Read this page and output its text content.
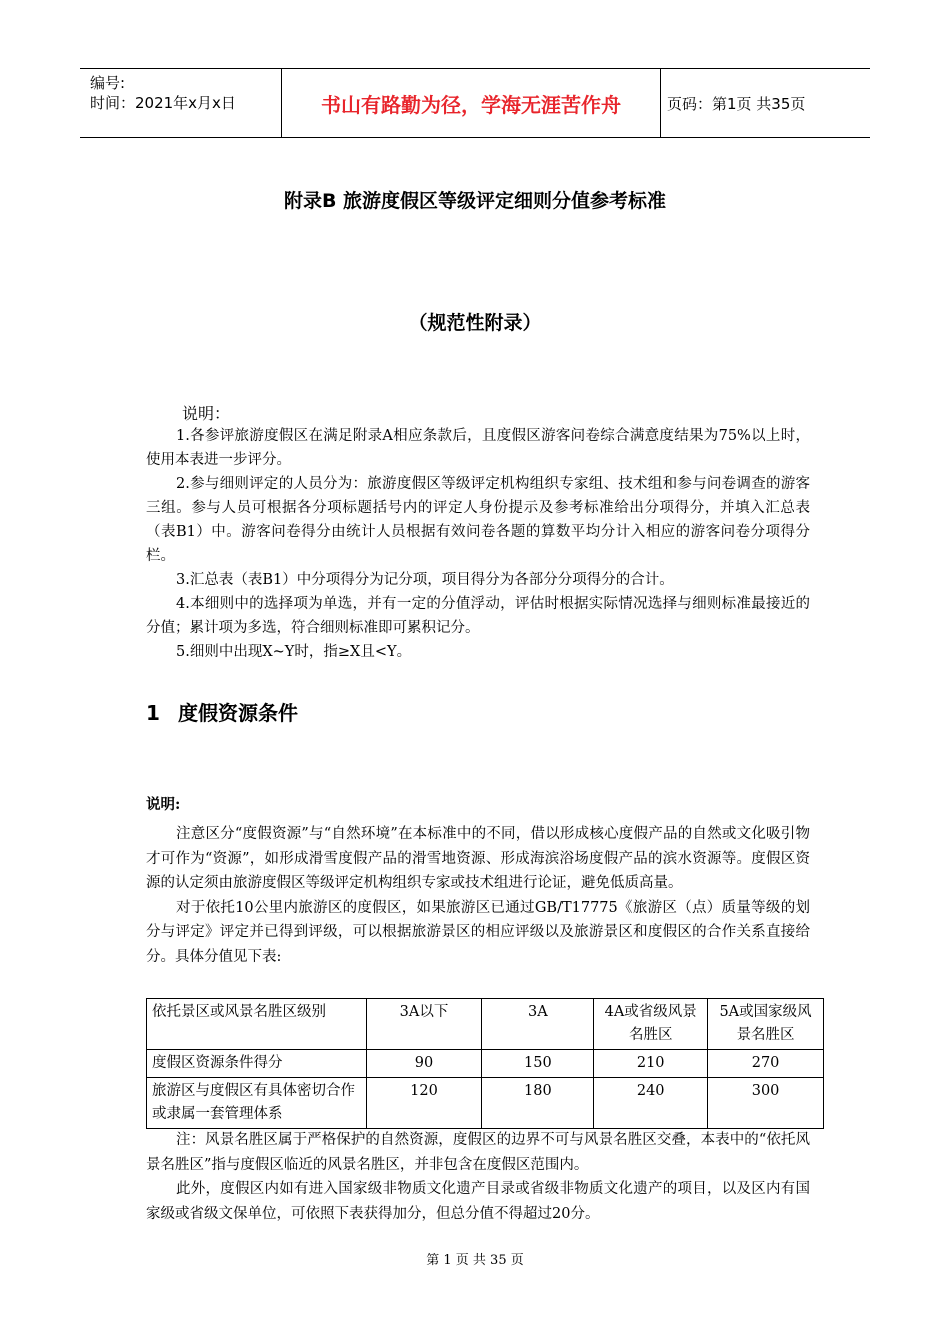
编号:
时间：2021年x月x日	书山有路勤为径，学海无涯苦作舟	页码：第1页 共35页
附录B 旅游度假区等级评定细则分值参考标准
（规范性附录）
说明：

1.各参评旅游度假区在满足附录A相应条款后，且度假区游客问卷综合满意度结果为75%以上时，使用本表进一步评分。

2.参与细则评定的人员分为：旅游度假区等级评定机构组织专家组、技术组和参与问卷调查的游客三组。参与人员可根据各分项标题括号内的评定人身份提示及参考标准给出分项得分，并填入汇总表（表B1）中。游客问卷得分由统计人员根据有效问卷各题的算数平均分计入相应的游客问卷分项得分栏。

3.汇总表（表B1）中分项得分为记分项，项目得分为各部分分项得分的合计。

4.本细则中的选择项为单选，并有一定的分值浮动，评估时根据实际情况选择与细则标准最接近的分值；累计项为多选，符合细则标准即可累积记分。

5.细则中出现X~Y时，指≥X且<Y。

1 度假资源条件
说明:

注意区分“度假资源”与“自然环境”在本标准中的不同，借以形成核心度假产品的自然或文化吸引物才可作为“资源”，如形成滑雪度假产品的滑雪地资源、形成海滨浴场度假产品的滨水资源等。度假区资源的认定须由旅游度假区等级评定机构组织专家或技术组进行论证，避免低质高量。

对于依托10公里内旅游区的度假区，如果旅游区已通过GB/T17775《旅游区（点）质量等级的划分与评定》评定并已得到评级，可以根据旅游景区的相应评级以及旅游景区和度假区的合作关系直接给分。具体分值见下表:

依托景区或风景名胜区级别	3A以下	3A	4A或省级风景名胜区	5A或国家级风景名胜区
度假区资源条件得分	90	150	210	270
旅游区与度假区有具体密切合作或隶属一套管理体系	120	180	240	300

注：风景名胜区属于严格保护的自然资源，度假区的边界不可与风景名胜区交叠，本表中的“依托风景名胜区”指与度假区临近的风景名胜区，并非包含在度假区范围内。

此外，度假区内如有进入国家级非物质文化遗产目录或省级非物质文化遗产的项目，以及区内有国家级或省级文保单位，可依照下表获得加分，但总分值不得超过20分。

第 1 页 共 35 页
